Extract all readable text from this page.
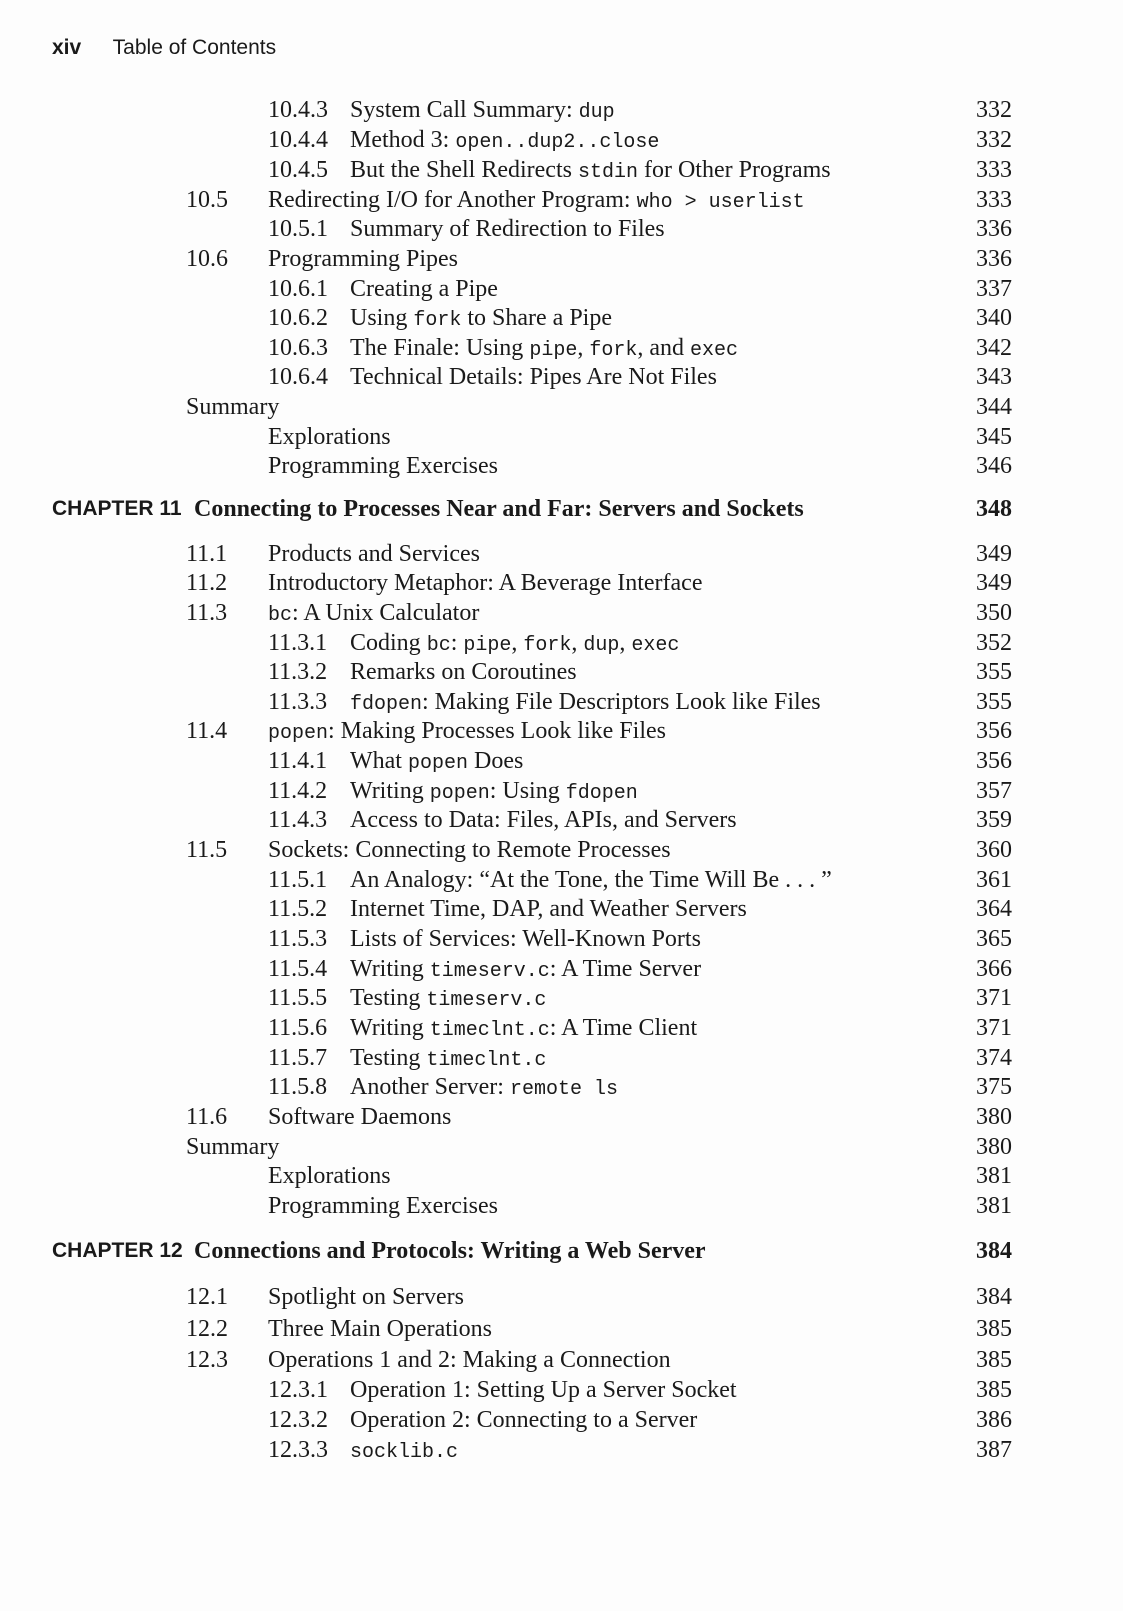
xiv Table of Contents
10.4.3 System Call Summary: dup	332
10.4.4 Method 3: open..dup2..close	332
10.4.5 But the Shell Redirects stdin for Other Programs	333
10.5 Redirecting I/O for Another Program: who > userlist	333
10.5.1 Summary of Redirection to Files	336
10.6 Programming Pipes	336
10.6.1 Creating a Pipe	337
10.6.2 Using fork to Share a Pipe	340
10.6.3 The Finale: Using pipe, fork, and exec	342
10.6.4 Technical Details: Pipes Are Not Files	343
Summary	344
Explorations	345
Programming Exercises	346
CHAPTER 11 Connecting to Processes Near and Far: Servers and Sockets	348
11.1 Products and Services	349
11.2 Introductory Metaphor: A Beverage Interface	349
11.3 bc: A Unix Calculator	350
11.3.1 Coding bc: pipe, fork, dup, exec	352
11.3.2 Remarks on Coroutines	355
11.3.3 fdopen: Making File Descriptors Look like Files	355
11.4 popen: Making Processes Look like Files	356
11.4.1 What popen Does	356
11.4.2 Writing popen: Using fdopen	357
11.4.3 Access to Data: Files, APIs, and Servers	359
11.5 Sockets: Connecting to Remote Processes	360
11.5.1 An Analogy: “At the Tone, the Time Will Be . . . ”	361
11.5.2 Internet Time, DAP, and Weather Servers	364
11.5.3 Lists of Services: Well-Known Ports	365
11.5.4 Writing timeserv.c: A Time Server	366
11.5.5 Testing timeserv.c	371
11.5.6 Writing timeclnt.c: A Time Client	371
11.5.7 Testing timeclnt.c	374
11.5.8 Another Server: remote ls	375
11.6 Software Daemons	380
Summary	380
Explorations	381
Programming Exercises	381
CHAPTER 12 Connections and Protocols: Writing a Web Server	384
12.1 Spotlight on Servers	384
12.2 Three Main Operations	385
12.3 Operations 1 and 2: Making a Connection	385
12.3.1 Operation 1: Setting Up a Server Socket	385
12.3.2 Operation 2: Connecting to a Server	386
12.3.3 socklib.c	387
